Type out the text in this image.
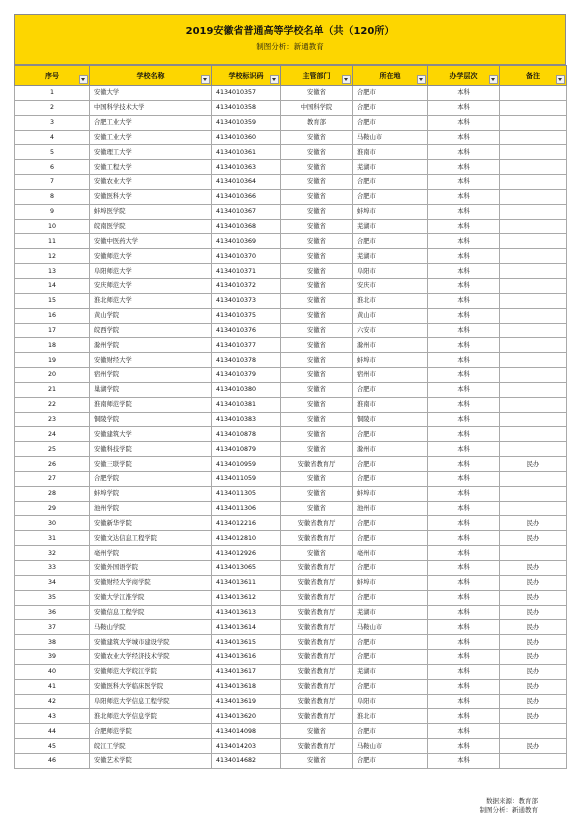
2019安徽省普通高等学校名单（共（120所）
制图分析：新通教育
序号	学校名称	学校标识码	主管部门	所在地	办学层次	备注

1	安徽大学	4134010357	安徽省	合肥市	本科	
2	中国科学技术大学	4134010358	中国科学院	合肥市	本科	
3	合肥工业大学	4134010359	教育部	合肥市	本科	
4	安徽工业大学	4134010360	安徽省	马鞍山市	本科	
5	安徽理工大学	4134010361	安徽省	淮南市	本科	
6	安徽工程大学	4134010363	安徽省	芜湖市	本科	
7	安徽农业大学	4134010364	安徽省	合肥市	本科	
8	安徽医科大学	4134010366	安徽省	合肥市	本科	
9	蚌埠医学院	4134010367	安徽省	蚌埠市	本科	
10	皖南医学院	4134010368	安徽省	芜湖市	本科	
11	安徽中医药大学	4134010369	安徽省	合肥市	本科	
12	安徽师范大学	4134010370	安徽省	芜湖市	本科	
13	阜阳师范大学	4134010371	安徽省	阜阳市	本科	
14	安庆师范大学	4134010372	安徽省	安庆市	本科	
15	淮北师范大学	4134010373	安徽省	淮北市	本科	
16	黄山学院	4134010375	安徽省	黄山市	本科	
17	皖西学院	4134010376	安徽省	六安市	本科	
18	滁州学院	4134010377	安徽省	滁州市	本科	
19	安徽财经大学	4134010378	安徽省	蚌埠市	本科	
20	宿州学院	4134010379	安徽省	宿州市	本科	
21	巢湖学院	4134010380	安徽省	合肥市	本科	
22	淮南师范学院	4134010381	安徽省	淮南市	本科	
23	铜陵学院	4134010383	安徽省	铜陵市	本科	
24	安徽建筑大学	4134010878	安徽省	合肥市	本科	
25	安徽科技学院	4134010879	安徽省	滁州市	本科	
26	安徽三联学院	4134010959	安徽省教育厅	合肥市	本科	民办
27	合肥学院	4134011059	安徽省	合肥市	本科	
28	蚌埠学院	4134011305	安徽省	蚌埠市	本科	
29	池州学院	4134011306	安徽省	池州市	本科	
30	安徽新华学院	4134012216	安徽省教育厅	合肥市	本科	民办
31	安徽文达信息工程学院	4134012810	安徽省教育厅	合肥市	本科	民办
32	亳州学院	4134012926	安徽省	亳州市	本科	
33	安徽外国语学院	4134013065	安徽省教育厅	合肥市	本科	民办
34	安徽财经大学商学院	4134013611	安徽省教育厅	蚌埠市	本科	民办
35	安徽大学江淮学院	4134013612	安徽省教育厅	合肥市	本科	民办
36	安徽信息工程学院	4134013613	安徽省教育厅	芜湖市	本科	民办
37	马鞍山学院	4134013614	安徽省教育厅	马鞍山市	本科	民办
38	安徽建筑大学城市建设学院	4134013615	安徽省教育厅	合肥市	本科	民办
39	安徽农业大学经济技术学院	4134013616	安徽省教育厅	合肥市	本科	民办
40	安徽师范大学皖江学院	4134013617	安徽省教育厅	芜湖市	本科	民办
41	安徽医科大学临床医学院	4134013618	安徽省教育厅	合肥市	本科	民办
42	阜阳师范大学信息工程学院	4134013619	安徽省教育厅	阜阳市	本科	民办
43	淮北师范大学信息学院	4134013620	安徽省教育厅	淮北市	本科	民办
44	合肥师范学院	4134014098	安徽省	合肥市	本科	
45	皖江工学院	4134014203	安徽省教育厅	马鞍山市	本科	民办
46	安徽艺术学院	4134014682	安徽省	合肥市	本科	
数据来源：教育部
制图分析：新通教育
